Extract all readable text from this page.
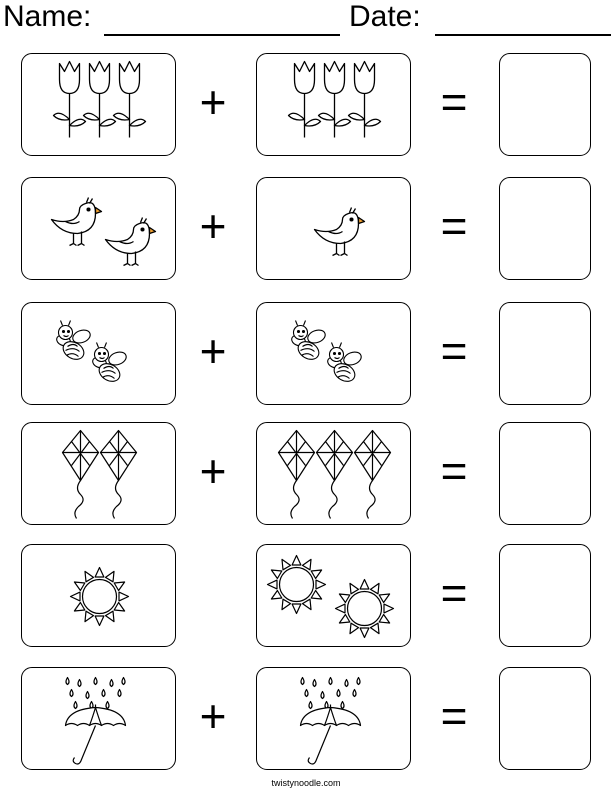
Name:	Date:
+	=
+	=
+	=
+	=
=
+	=
twistynoodle.com
